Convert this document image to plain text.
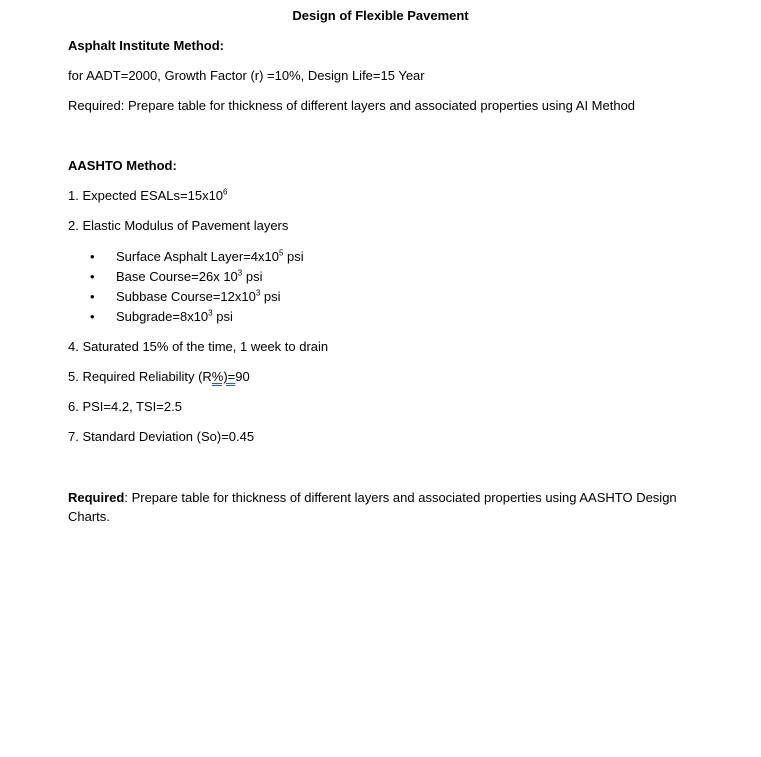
Design of Flexible Pavement
Asphalt Institute Method:
for AADT=2000, Growth Factor (r) =10%, Design Life=15 Year
Required: Prepare table for thickness of different layers and associated properties using AI Method
AASHTO Method:
1. Expected $ESALs=15x10^6$
2. Elastic Modulus of Pavement layers
• Surface Asphalt $Layer=4x10^5$ psi
• Base Course=26x $10^3$ psi
• Subbase $Course=12x10^3$ psi
• $Subgrade=8x10^3$ psi
4. Saturated 15% of the time, 1 week to drain
5. Required Reliability (R%)=90
6. PSI=4.2, TSI=2.5
7. Standard Deviation (So)=0.45
Required: Prepare table for thickness of different layers and associated properties using AASHTO Design Charts.
